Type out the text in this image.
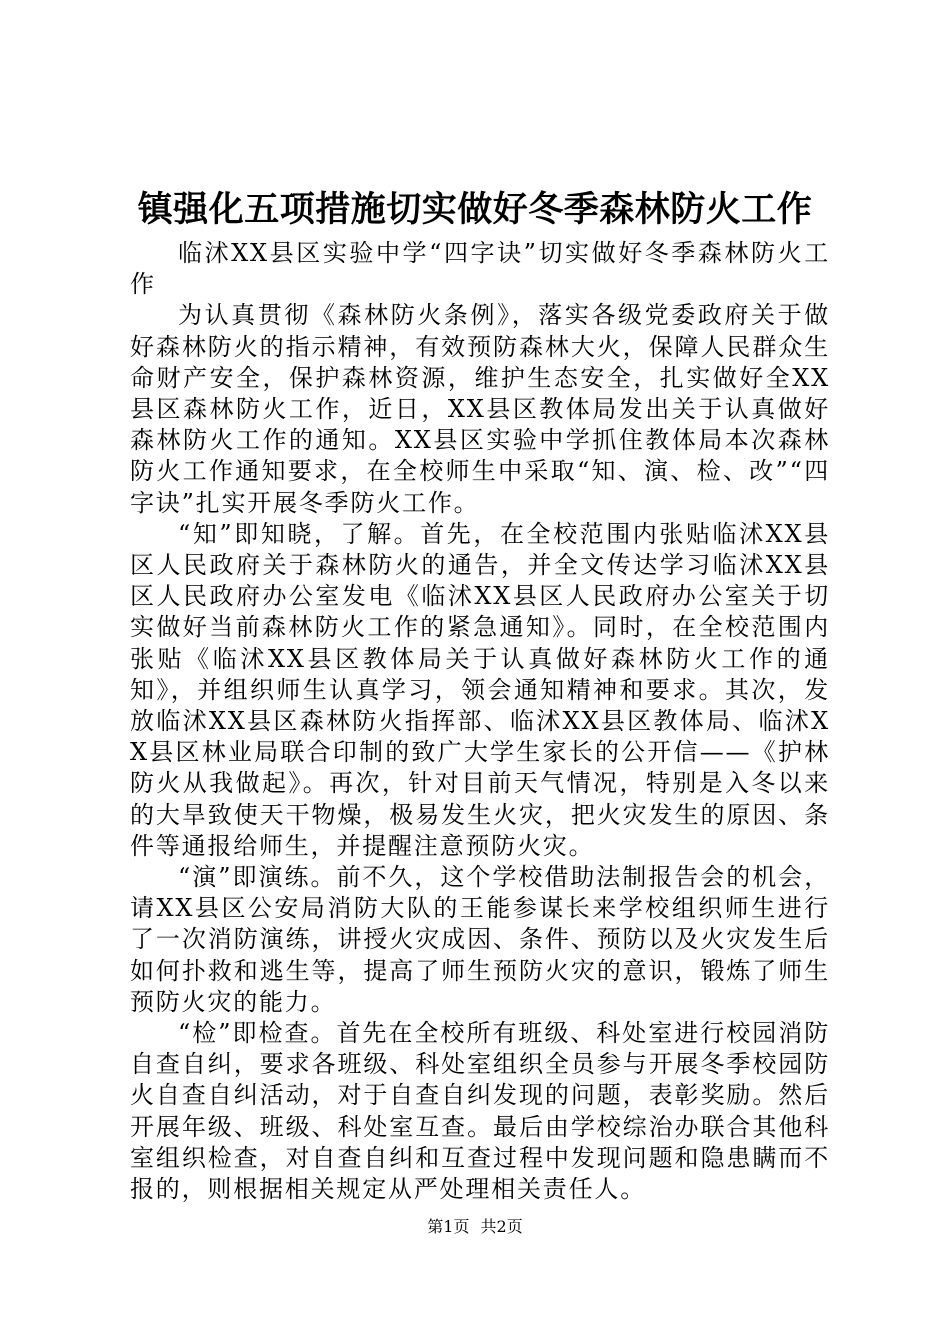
镇强化五项措施切实做好冬季森林防火工作

临沭XX县区实验中学“四字诀”切实做好冬季森林防火工作

为认真贯彻《森林防火条例》，落实各级党委政府关于做好森林防火的指示精神，有效预防森林大火，保障人民群众生命财产安全，保护森林资源，维护生态安全，扎实做好全XX县区森林防火工作，近日，XX县区教体局发出关于认真做好森林防火工作的通知。XX县区实验中学抓住教体局本次森林防火工作通知要求，在全校师生中采取“知、演、检、改”“四字诀”扎实开展冬季防火工作。

“知”即知晓，了解。首先，在全校范围内张贴临沭XX县区人民政府关于森林防火的通告，并全文传达学习临沭XX县区人民政府办公室发电《临沭XX县区人民政府办公室关于切实做好当前森林防火工作的紧急通知》。同时，在全校范围内张贴《临沭XX县区教体局关于认真做好森林防火工作的通知》，并组织师生认真学习，领会通知精神和要求。其次，发放临沭XX县区森林防火指挥部、临沭XX县区教体局、临沭XX县区林业局联合印制的致广大学生家长的公开信——《护林防火从我做起》。再次，针对目前天气情况，特别是入冬以来的大旱致使天干物燥，极易发生火灾，把火灾发生的原因、条件等通报给师生，并提醒注意预防火灾。

“演”即演练。前不久，这个学校借助法制报告会的机会，请XX县区公安局消防大队的王能参谋长来学校组织师生进行了一次消防演练，讲授火灾成因、条件、预防以及火灾发生后如何扑救和逃生等，提高了师生预防火灾的意识，锻炼了师生预防火灾的能力。

“检”即检查。首先在全校所有班级、科处室进行校园消防自查自纠，要求各班级、科处室组织全员参与开展冬季校园防火自查自纠活动，对于自查自纠发现的问题，表彰奖励。然后开展年级、班级、科处室互查。最后由学校综治办联合其他科室组织检查，对自查自纠和互查过程中发现问题和隐患瞒而不报的，则根据相关规定从严处理相关责任人。

第1页 共2页
